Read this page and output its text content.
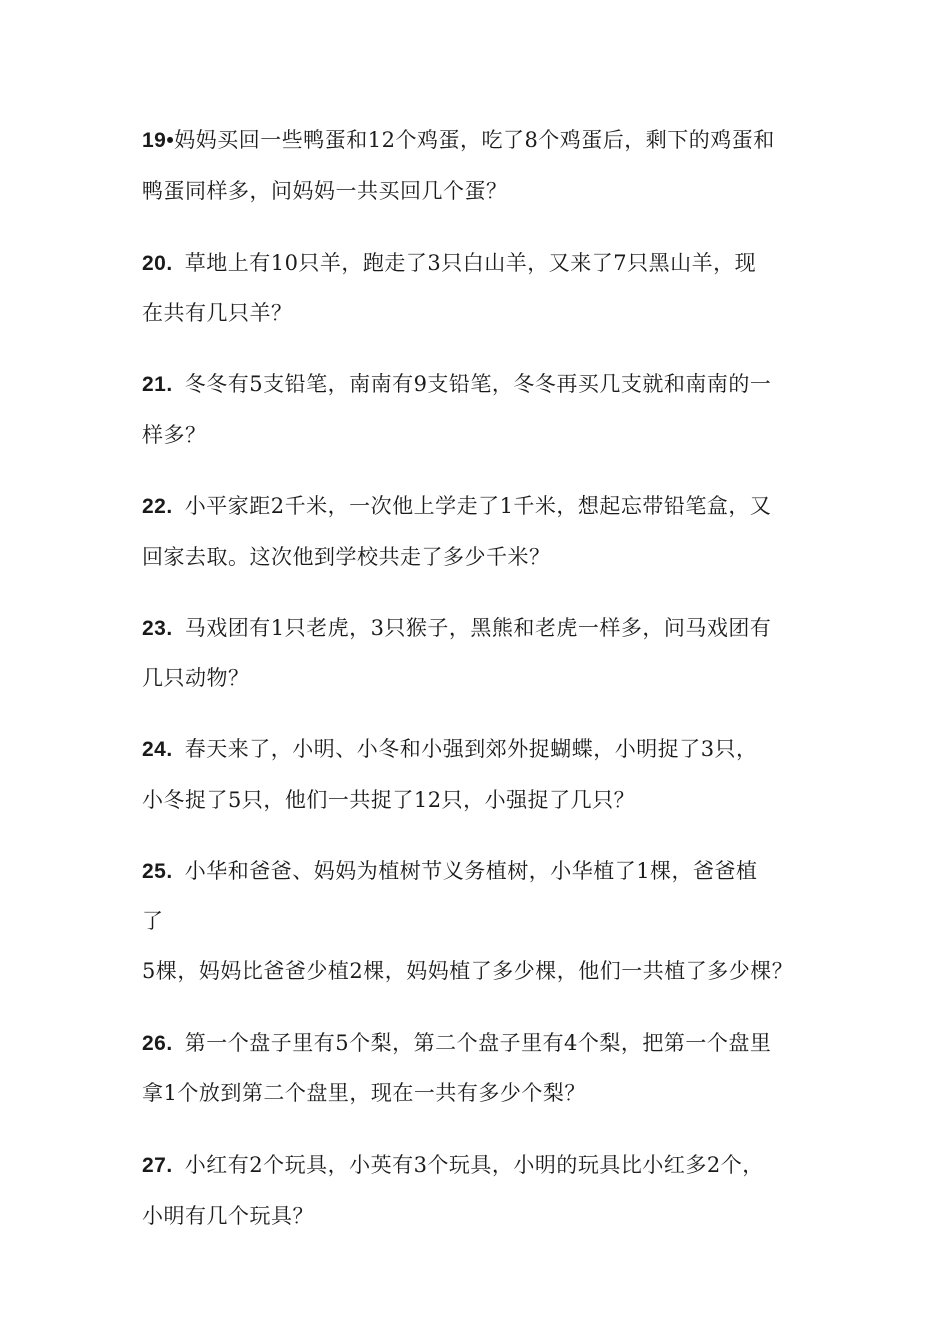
19•妈妈买回一些鸭蛋和12个鸡蛋，吃了8个鸡蛋后，剩下的鸡蛋和
鸭蛋同样多，问妈妈一共买回几个蛋？
20. 草地上有10只羊，跑走了3只白山羊，又来了7只黑山羊，现
在共有几只羊？
21. 冬冬有5支铅笔，南南有9支铅笔，冬冬再买几支就和南南的一
样多？
22. 小平家距2千米，一次他上学走了1千米，想起忘带铅笔盒，又
回家去取。这次他到学校共走了多少千米？
23. 马戏团有1只老虎，3只猴子，黑熊和老虎一样多，问马戏团有
几只动物？
24. 春天来了，小明、小冬和小强到郊外捉蝴蝶，小明捉了3只，
小冬捉了5只，他们一共捉了12只，小强捉了几只？
25. 小华和爸爸、妈妈为植树节义务植树，小华植了1棵，爸爸植
了
5棵，妈妈比爸爸少植2棵，妈妈植了多少棵，他们一共植了多少棵？
26. 第一个盘子里有5个梨，第二个盘子里有4个梨，把第一个盘里
拿1个放到第二个盘里，现在一共有多少个梨？
27. 小红有2个玩具，小英有3个玩具，小明的玩具比小红多2个，
小明有几个玩具？
